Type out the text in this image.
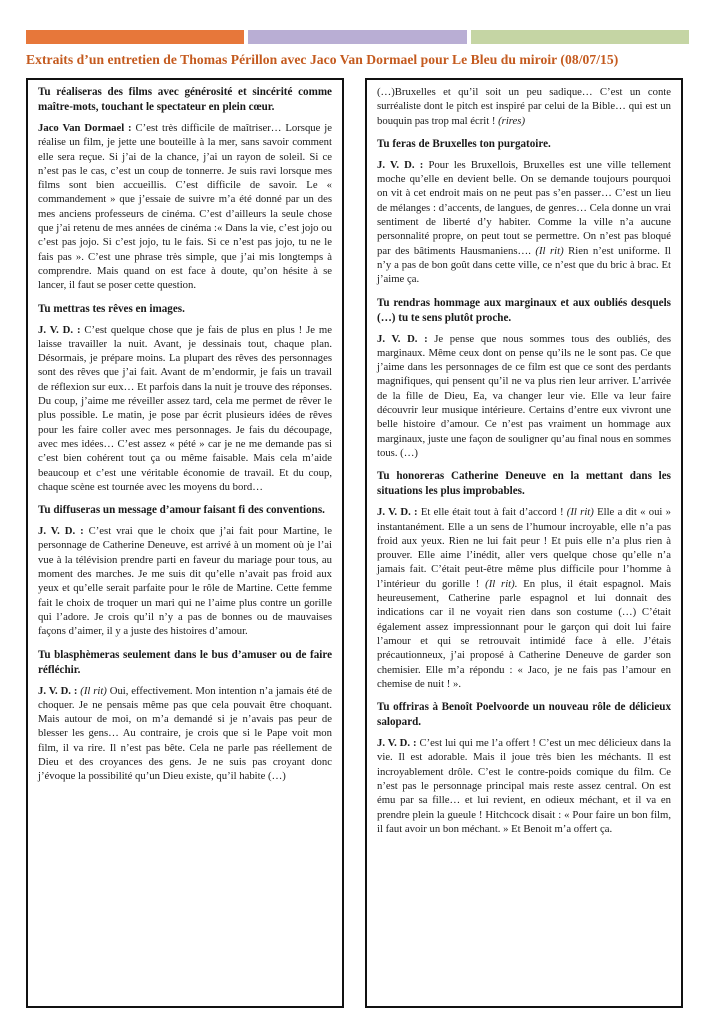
Extraits d’un entretien de Thomas Périllon avec Jaco Van Dormael pour Le Bleu du miroir (08/07/15)
Tu réaliseras des films avec générosité et sincérité comme maître-mots, touchant le spectateur en plein cœur.

Jaco Van Dormael : C’est très difficile de maîtriser… Lorsque je réalise un film, je jette une bouteille à la mer, sans savoir comment elle sera reçue. Si j’ai de la chance, j’ai un rayon de soleil. Si ce n’est pas le cas, c’est un coup de tonnerre. Je suis ravi lorsque mes films sont bien accueillis. C’est difficile de savoir. Le « commandement » que j’essaie de suivre m’a été donné par un des mes anciens professeurs de cinéma. C’est d’ailleurs la seule chose que j’ai retenu de mes années de cinéma :« Dans la vie, c’est jojo ou c’est pas jojo. Si c’est jojo, tu le fais. Si ce n’est pas jojo, tu ne le fais pas ». C’est une phrase très simple, que j’ai mis longtemps à comprendre. Mais quand on est face à doute, qu’on hésite à se lancer, il faut se poser cette question.

Tu mettras tes rêves en images.

J. V. D. : C’est quelque chose que je fais de plus en plus ! Je me laisse travailler la nuit. Avant, je dessinais tout, chaque plan. Désormais, je prépare moins. La plupart des rêves des personnages sont des rêves que j’ai fait. Avant de m’endormir, je fais un travail de réflexion sur eux… Et parfois dans la nuit je trouve des réponses. Du coup, j’aime me réveiller assez tard, cela me permet de rêver le plus possible. Le matin, je pose par écrit plusieurs idées de rêves pour les faire coller avec mes personnages. Je fais du découpage, avec mes idées… C’est assez « pété » car je ne me demande pas si c’est bien cohérent tout ça ou même faisable. Mais cela m’aide beaucoup et c’est une véritable économie de travail. Et du coup, chaque scène est tournée avec les moyens du bord…

Tu diffuseras un message d’amour faisant fi des conventions.

J. V. D. : C’est vrai que le choix que j’ai fait pour Martine, le personnage de Catherine Deneuve, est arrivé à un moment où je l’ai vue à la télévision prendre parti en faveur du mariage pour tous, au moment des marches. Je me suis dit qu’elle n’avait pas froid aux yeux et qu’elle serait parfaite pour le rôle de Martine. Cette femme fait le choix de troquer un mari qui ne l’aime plus contre un gorille qui l’adore. Je crois qu’il n’y a pas de bonnes ou de mauvaises façons d’aimer, il y a juste des histoires d’amour.

Tu blasphèmeras seulement dans le bus d’amuser ou de faire réfléchir.

J. V. D. : (Il rit) Oui, effectivement. Mon intention n’a jamais été de choquer. Je ne pensais même pas que cela pouvait être choquant. Mais autour de moi, on m’a demandé si je n’avais pas peur de blesser les gens… Au contraire, je crois que si le Pape voit mon film, il va rire. Il n’est pas bête. Cela ne parle pas réellement de Dieu et des croyances des gens. Je ne suis pas croyant donc j’évoque la possibilité qu’un Dieu existe, qu’il habite (…)

(…)Bruxelles et qu’il soit un peu sadique… C’est un conte surréaliste dont le pitch est inspiré par celui de la Bible… qui est un bouquin pas trop mal écrit ! (rires)

Tu feras de Bruxelles ton purgatoire.

J. V. D. : Pour les Bruxellois, Bruxelles est une ville tellement moche qu’elle en devient belle. On se demande toujours pourquoi on vit à cet endroit mais on ne peut pas s’en passer… C’est un lieu de mélanges : d’accents, de langues, de genres… Cela donne un vrai sentiment de liberté d’y habiter. Comme la ville n’a aucune personnalité propre, on peut tout se permettre. On n’est pas bloqué par des bâtiments Hausmaniens…. (Il rit) Rien n’est uniforme. Il n’y a pas de bon goût dans cette ville, ce n’est que du bric à brac. Et j’aime ça.

Tu rendras hommage aux marginaux et aux oubliés desquels (…) tu te sens plutôt proche.

J. V. D. : Je pense que nous sommes tous des oubliés, des marginaux. Même ceux dont on pense qu’ils ne le sont pas. Ce que j’aime dans les personnages de ce film est que ce sont des perdants magnifiques, qui pensent qu’il ne va plus rien leur arriver. L’arrivée de la fille de Dieu, Ea, va changer leur vie. Elle va leur faire découvrir leur musique intérieure. Certains d’entre eux vivront une belle histoire d’amour. Ce n’est pas vraiment un hommage aux marginaux, juste une façon de souligner qu’au final nous en sommes tous. (…)

Tu honoreras Catherine Deneuve en la mettant dans les situations les plus improbables.

J. V. D. : Et elle était tout à fait d’accord ! (Il rit) Elle a dit « oui » instantanément. Elle a un sens de l’humour incroyable, elle n’a pas froid aux yeux. Rien ne lui fait peur ! Et puis elle n’a plus rien à prouver. Elle aime l’inédit, aller vers quelque chose qu’elle n’a jamais fait. C’était peut-être même plus difficile pour l’homme à l’intérieur du gorille ! (Il rit). En plus, il était espagnol. Mais heureusement, Catherine parle espagnol et lui donnait des indications car il ne voyait rien dans son costume (…) C’était également assez impressionnant pour le garçon qui doit lui faire l’amour et qui se retrouvait intimidé face à elle. J’étais précautionneux, j’ai proposé à Catherine Deneuve de garder son chemisier. Elle m’a répondu : « Jaco, je ne fais pas l’amour en chemise de nuit ! ».

Tu offriras à Benoît Poelvoorde un nouveau rôle de délicieux salopard.

J. V. D. : C’est lui qui me l’a offert ! C’est un mec délicieux dans la vie. Il est adorable. Mais il joue très bien les méchants. Il est incroyablement drôle. C’est le contre-poids comique du film. Ce n’est pas le personnage principal mais reste assez central. On est ému par sa fille… et lui revient, en odieux méchant, et il va en prendre plein la gueule ! Hitchcock disait : « Pour faire un bon film, il faut avoir un bon méchant. » Et Benoit m’a offert ça.
